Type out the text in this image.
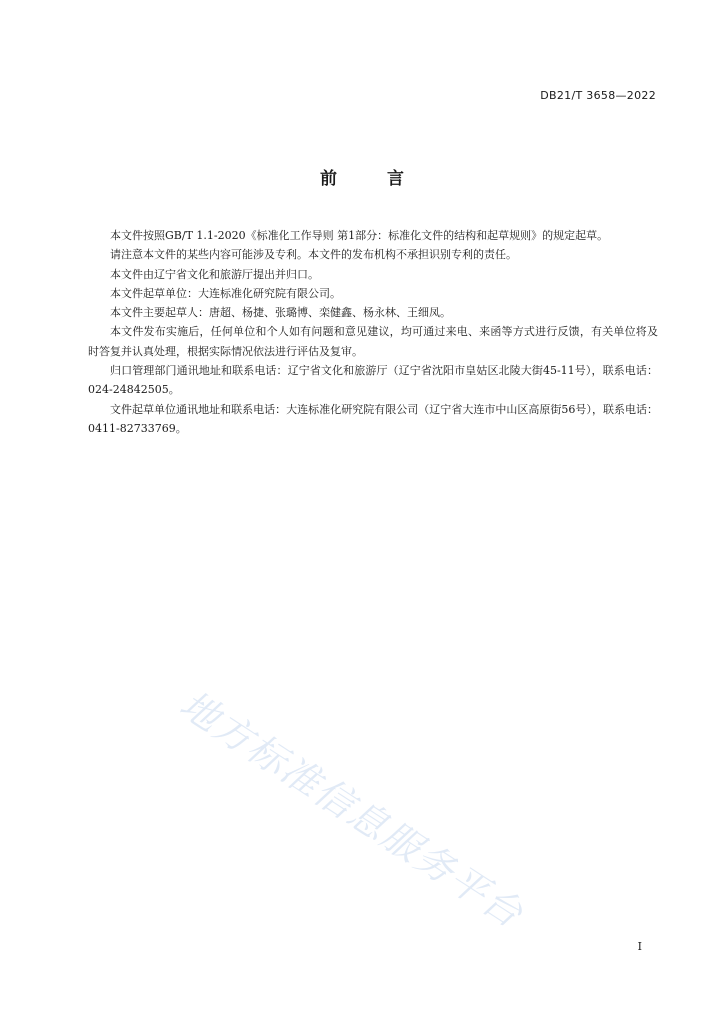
DB21/T 3658—2022
前 言

本文件按照GB/T 1.1-2020《标准化工作导则 第1部分：标准化文件的结构和起草规则》的规定起草。

请注意本文件的某些内容可能涉及专利。本文件的发布机构不承担识别专利的责任。

本文件由辽宁省文化和旅游厅提出并归口。

本文件起草单位：大连标准化研究院有限公司。

本文件主要起草人：唐超、杨捷、张璐博、栾健鑫、杨永林、王细凤。

本文件发布实施后，任何单位和个人如有问题和意见建议，均可通过来电、来函等方式进行反馈，有关单位将及时答复并认真处理，根据实际情况依法进行评估及复审。

归口管理部门通讯地址和联系电话：辽宁省文化和旅游厅（辽宁省沈阳市皇姑区北陵大街45-11号），联系电话：024-24842505。

文件起草单位通讯地址和联系电话：大连标准化研究院有限公司（辽宁省大连市中山区高原街56号），联系电话：0411-82733769。

地方标准信息服务平台
I
